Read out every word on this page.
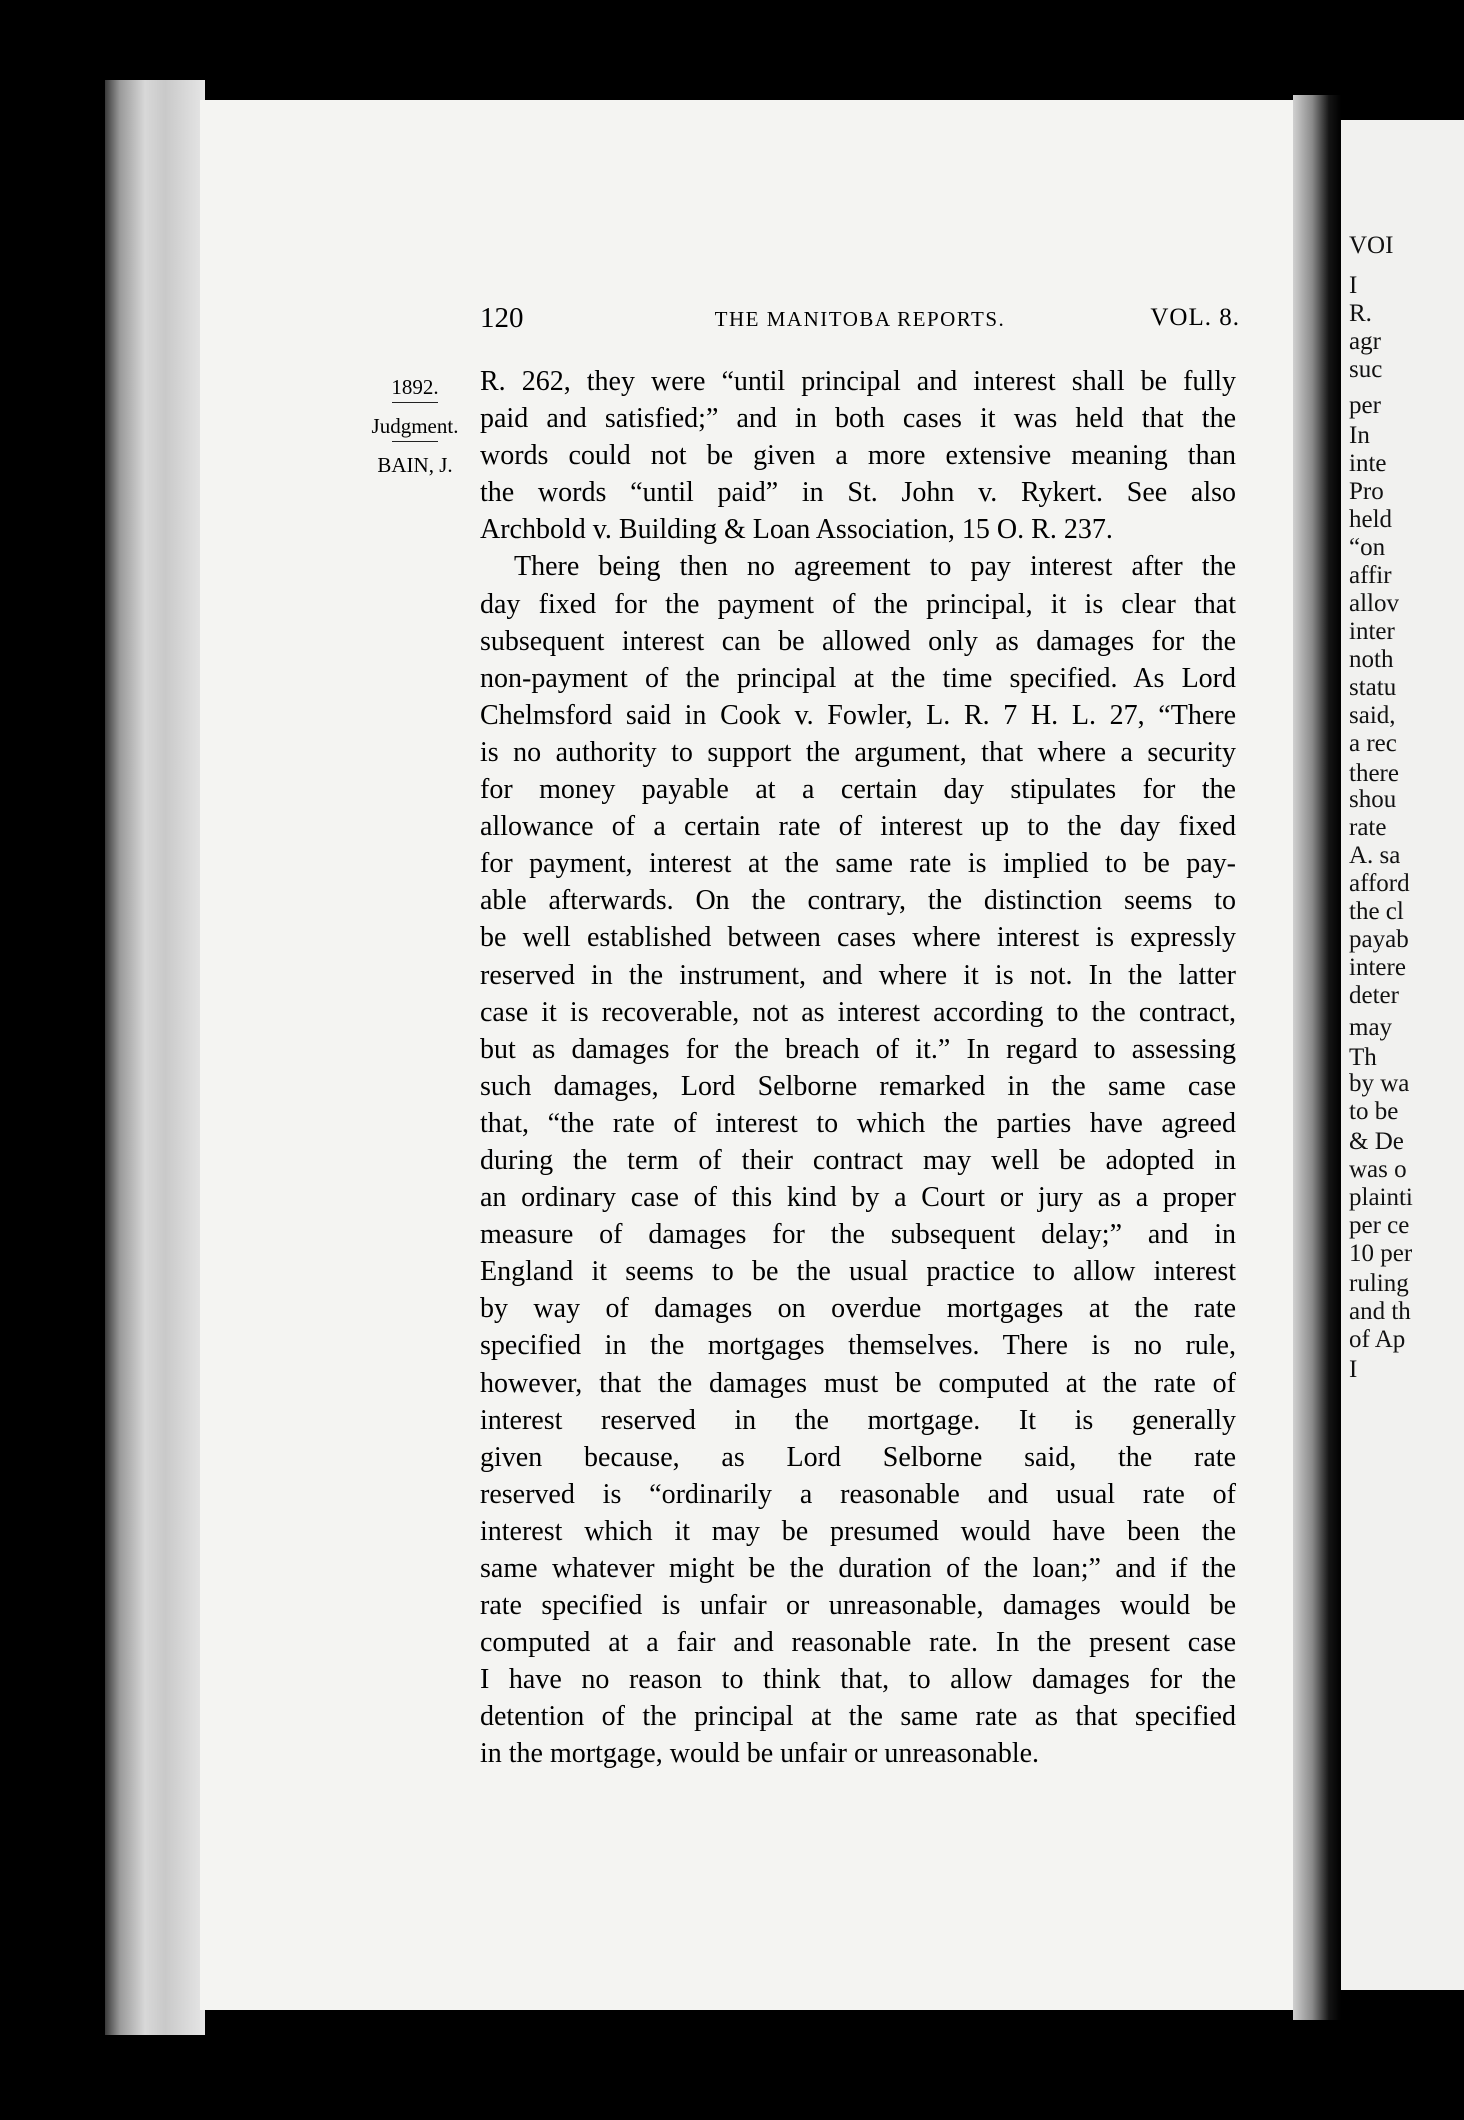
VOI
I
R.
agr
suc
per
In
inte
Pro
held
“on
affir
allov
inter
noth
statu
said,
a rec
there
shou
rate
A. sa
afford
the cl
payab
intere
deter
may
Th
by wa
to be
& De
was o
plainti
per ce
10 per
ruling
and th
of Ap
I
120	THE MANITOBA REPORTS.	VOL. 8.
1892.
Judgment.
BAIN, J.
R. 262, they were “until principal and interest shall be fully
paid and satisfied;” and in both cases it was held that the
words could not be given a more extensive meaning than
the words “until paid” in St. John v. Rykert. See also
Archbold v. Building & Loan Association, 15 O. R. 237.
There being then no agreement to pay interest after the
day fixed for the payment of the principal, it is clear that
subsequent interest can be allowed only as damages for the
non-payment of the principal at the time specified. As Lord
Chelmsford said in Cook v. Fowler, L. R. 7 H. L. 27, “There
is no authority to support the argument, that where a security
for money payable at a certain day stipulates for the
allowance of a certain rate of interest up to the day fixed
for payment, interest at the same rate is implied to be pay-
able afterwards. On the contrary, the distinction seems to
be well established between cases where interest is expressly
reserved in the instrument, and where it is not. In the latter
case it is recoverable, not as interest according to the contract,
but as damages for the breach of it.” In regard to assessing
such damages, Lord Selborne remarked in the same case
that, “the rate of interest to which the parties have agreed
during the term of their contract may well be adopted in
an ordinary case of this kind by a Court or jury as a proper
measure of damages for the subsequent delay;” and in
England it seems to be the usual practice to allow interest
by way of damages on overdue mortgages at the rate
specified in the mortgages themselves. There is no rule,
however, that the damages must be computed at the rate of
interest reserved in the mortgage. It is generally
given because, as Lord Selborne said, the rate
reserved is “ordinarily a reasonable and usual rate of
interest which it may be presumed would have been the
same whatever might be the duration of the loan;” and if the
rate specified is unfair or unreasonable, damages would be
computed at a fair and reasonable rate. In the present case
I have no reason to think that, to allow damages for the
detention of the principal at the same rate as that specified
in the mortgage, would be unfair or unreasonable.
